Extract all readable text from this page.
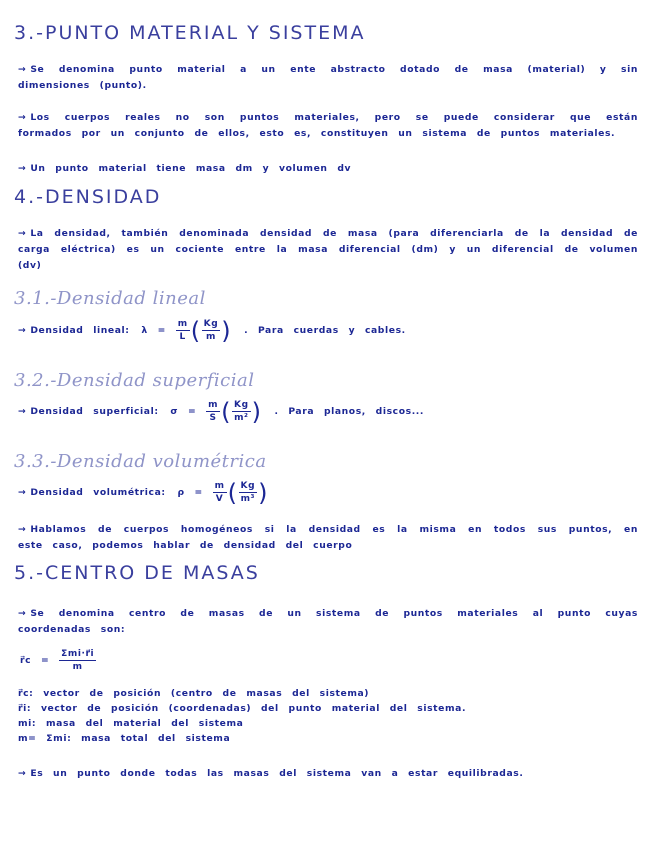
3.-PUNTO MATERIAL Y SISTEMA
→ Se denomina punto material a un ente abstracto dotado de masa (material) y sin dimensiones (punto).
→ Los cuerpos reales no son puntos materiales, pero se puede considerar que están formados por un conjunto de ellos, esto es, constituyen un sistema de puntos materiales.
→ Un punto material tiene masa dm y volumen dv
4.-DENSIDAD
→ La densidad, también denominada densidad de masa (para diferenciarla de la densidad de carga eléctrica) es un cociente entre la masa diferencial (dm) y un diferencial de volumen (dv)
3.1.-Densidad lineal
→ Densidad lineal: λ =
$\frac{m}{L}$ ( $\frac{Kg}{m}$ ) . Para cuerdas y cables.
3.2.-Densidad superficial
→ Densidad superficial: σ =
$\frac{m}{S}$ ( $\frac{Kg}{\text{m²}}$ ) . Para planos, discos...
3.3.-Densidad volumétrica
→ Densidad volumétrica: ρ =
$\frac{m}{V}$ ( $\frac{Kg}{\text{m³}}$ )
→ Hablamos de cuerpos homogéneos si la densidad es la misma en todos sus puntos, en este caso, podemos hablar de densidad del cuerpo
5.-CENTRO DE MASAS
→ Se denomina centro de masas de un sistema de puntos materiales al punto cuyas coordenadas son:
r⃗c =
$\frac{\text{Σmi·r⃗i}}{m}$
r⃗c: vector de posición (centro de masas del sistema)
r⃗i: vector de posición (coordenadas) del punto material del sistema.
mi: masa del material del sistema
m= Σmi: masa total del sistema
→ Es un punto donde todas las masas del sistema van a estar equilibradas.
